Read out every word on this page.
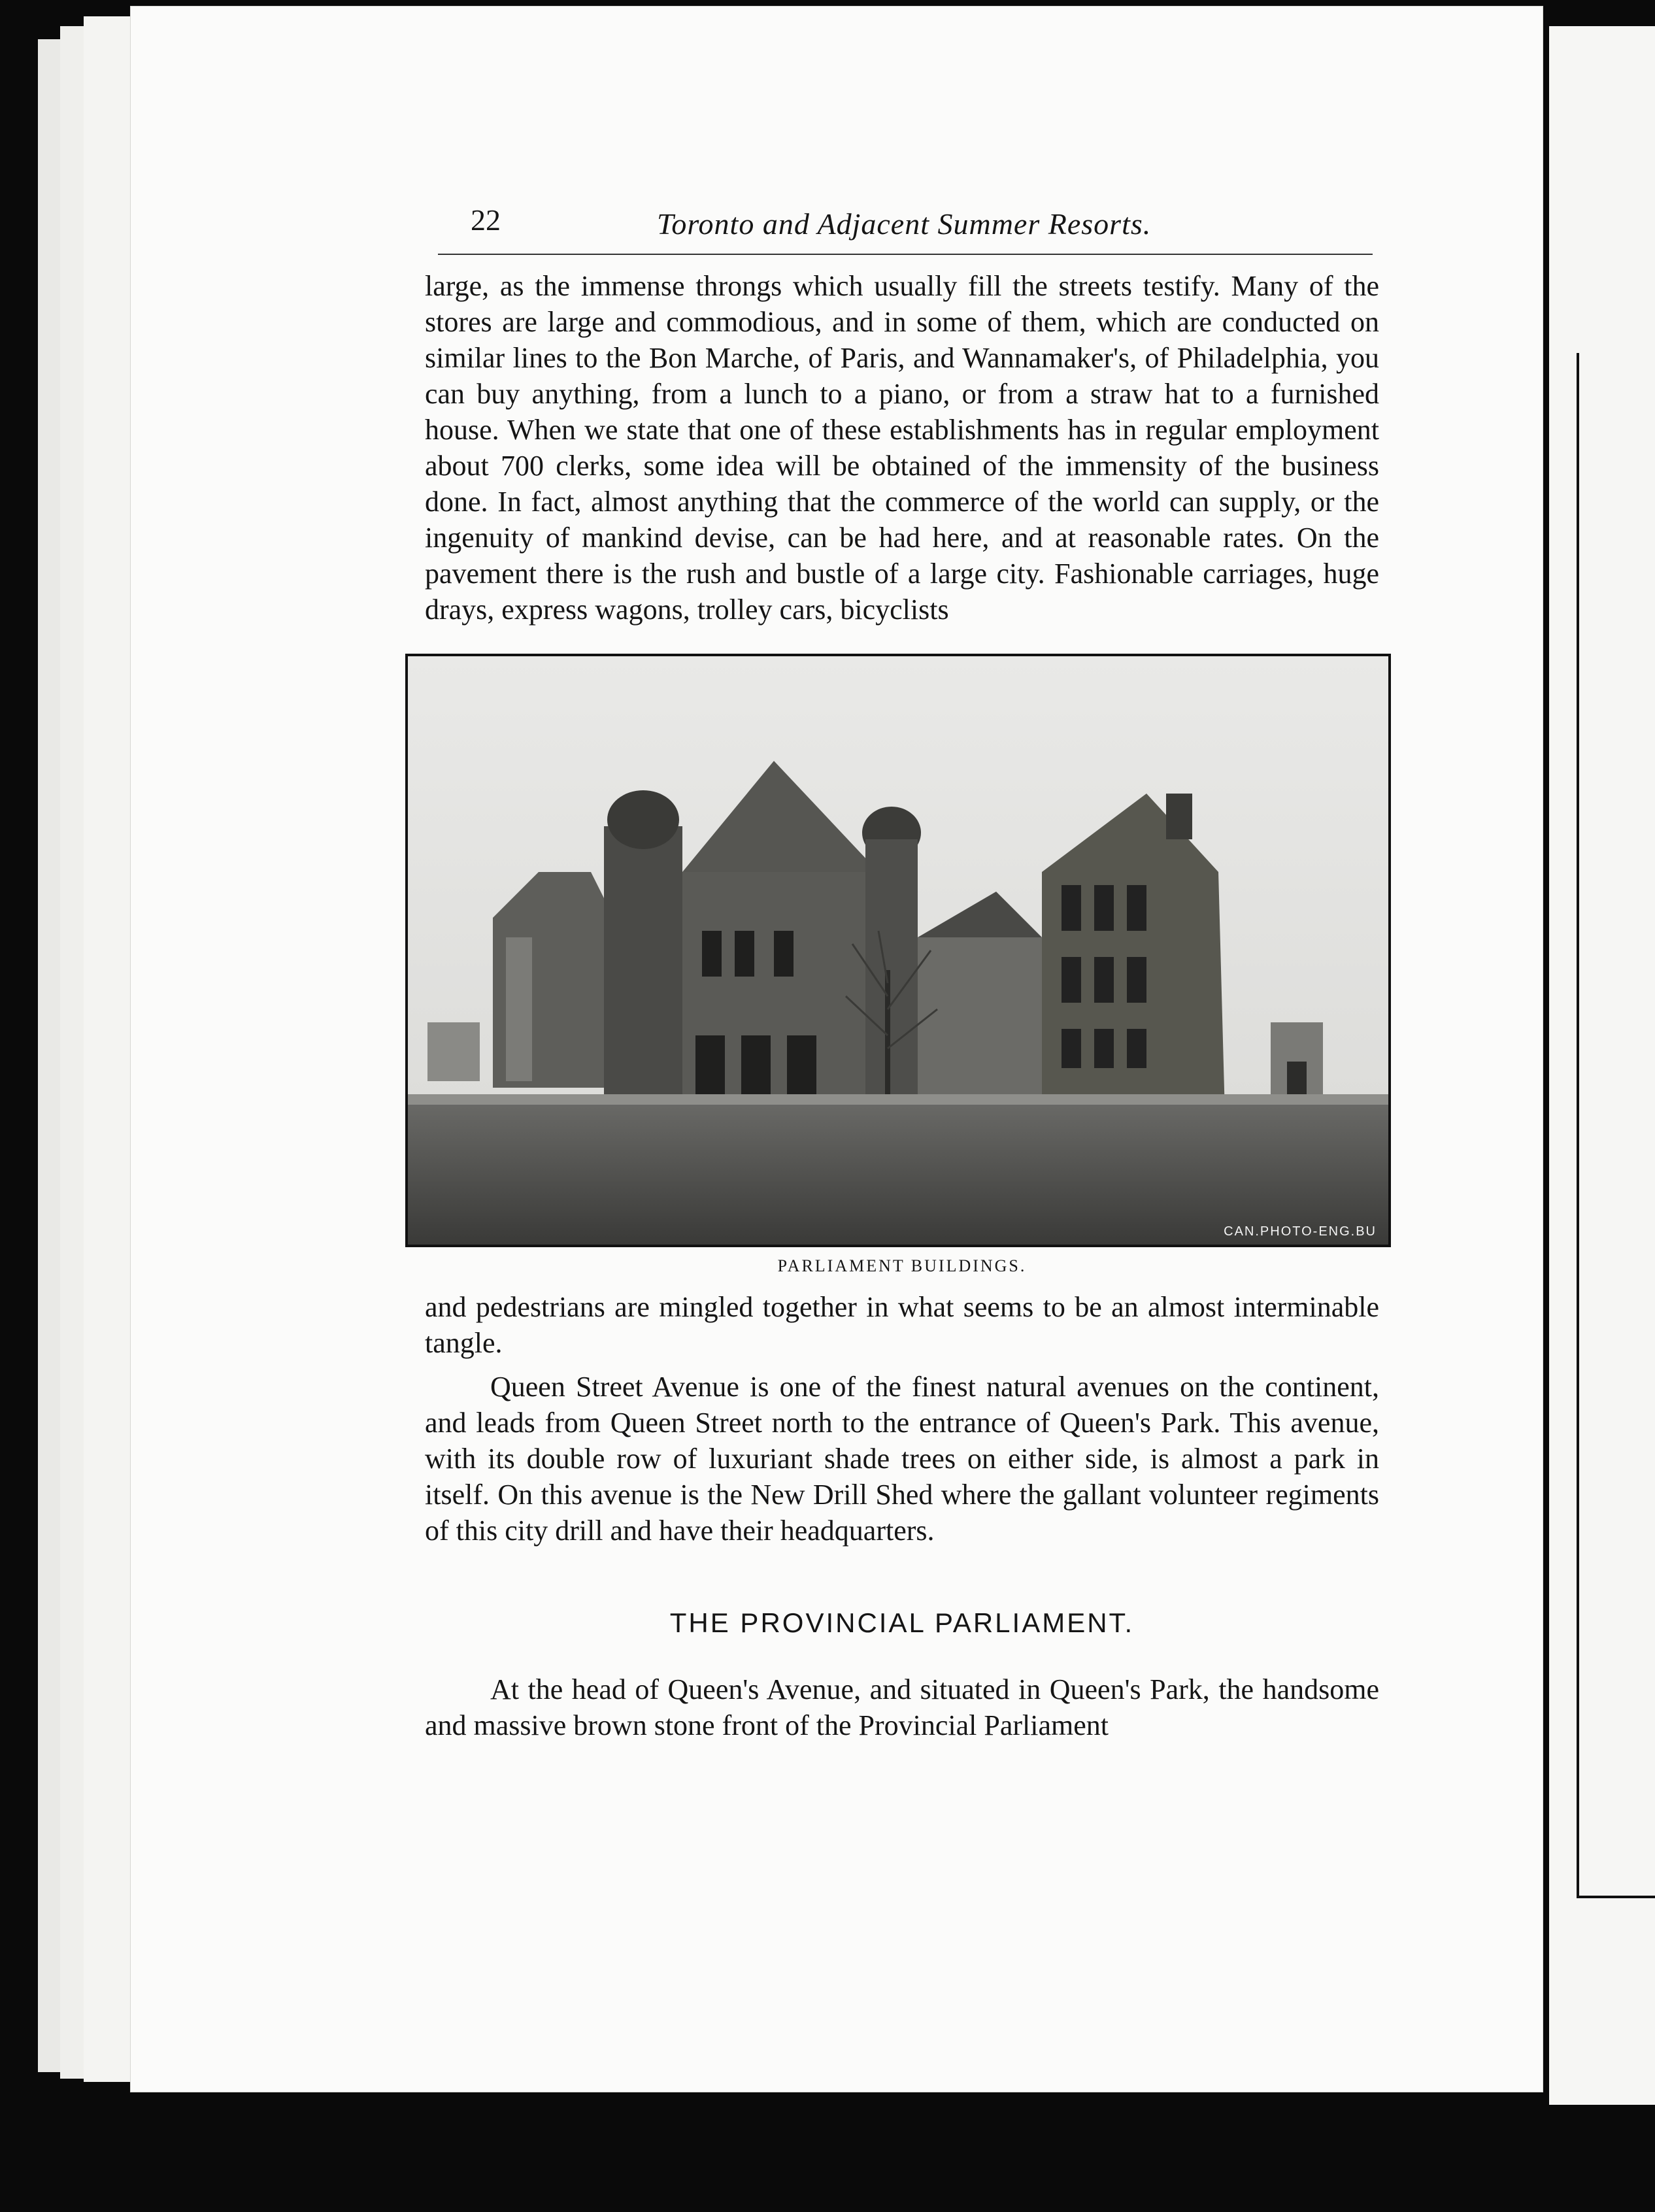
22	Toronto and Adjacent Summer Resorts.

large, as the immense throngs which usually fill the streets testify. Many of the stores are large and commodious, and in some of them, which are conducted on similar lines to the Bon Marche, of Paris, and Wannamaker's, of Philadelphia, you can buy anything, from a lunch to a piano, or from a straw hat to a furnished house. When we state that one of these establishments has in regular employment about 700 clerks, some idea will be obtained of the immensity of the business done. In fact, almost anything that the commerce of the world can supply, or the ingenuity of mankind devise, can be had here, and at reasonable rates. On the pavement there is the rush and bustle of a large city. Fashionable carriages, huge drays, express wagons, trolley cars, bicyclists

CAN.PHOTO-ENG.BU
PARLIAMENT BUILDINGS.

and pedestrians are mingled together in what seems to be an almost interminable tangle.

Queen Street Avenue is one of the finest natural avenues on the continent, and leads from Queen Street north to the entrance of Queen's Park. This avenue, with its double row of luxuriant shade trees on either side, is almost a park in itself. On this avenue is the New Drill Shed where the gallant volunteer regiments of this city drill and have their headquarters.

THE PROVINCIAL PARLIAMENT.

At the head of Queen's Avenue, and situated in Queen's Park, the handsome and massive brown stone front of the Provincial Parliament
